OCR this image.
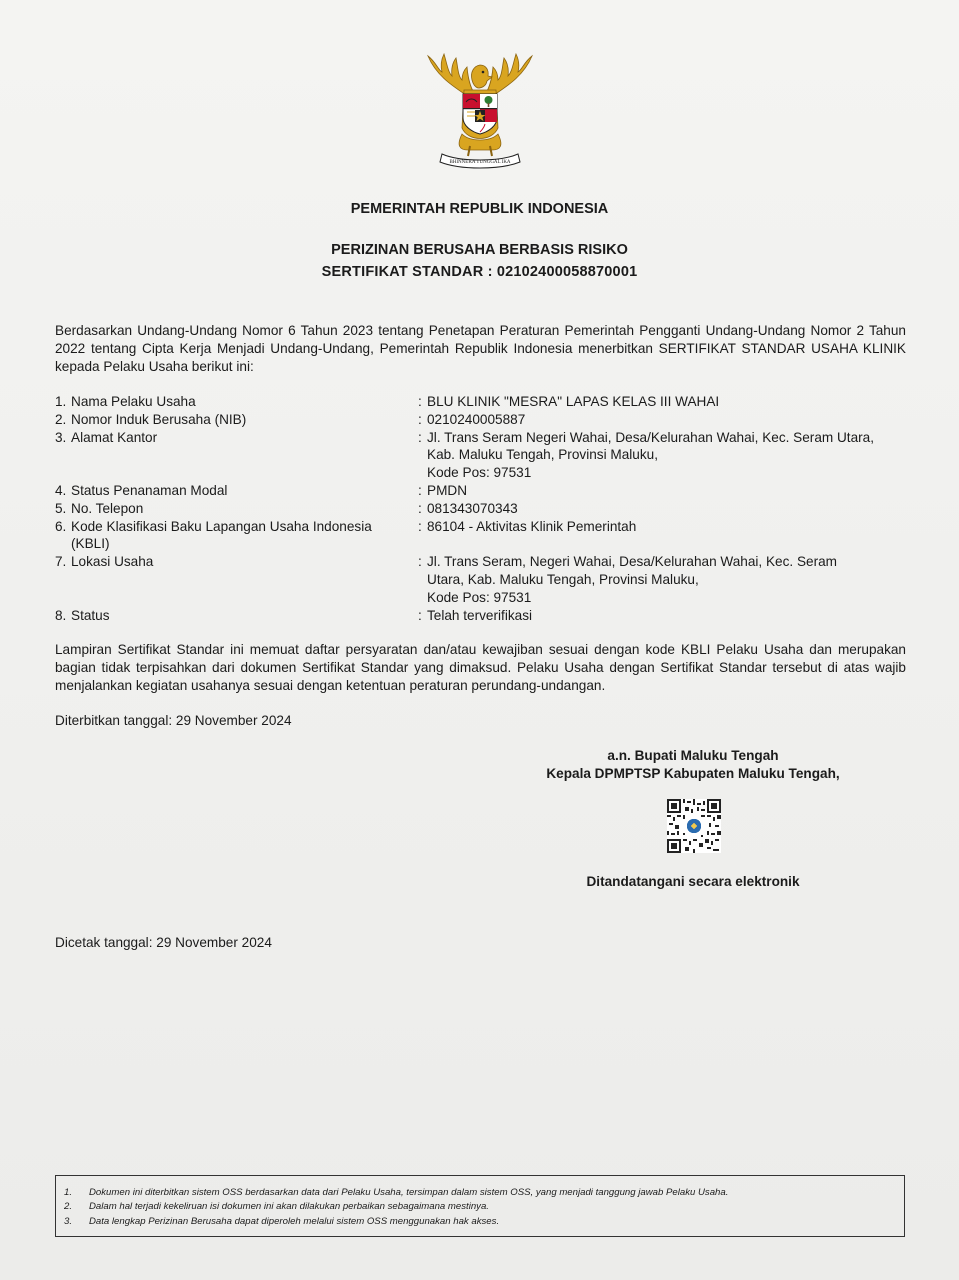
BHINNEKA TUNGGAL IKA
PEMERINTAH REPUBLIK INDONESIA
PERIZINAN BERUSAHA BERBASIS RISIKO
SERTIFIKAT STANDAR : 02102400058870001
Berdasarkan Undang-Undang Nomor 6 Tahun 2023 tentang Penetapan Peraturan Pemerintah Pengganti Undang-Undang Nomor 2 Tahun 2022 tentang Cipta Kerja Menjadi Undang-Undang, Pemerintah Republik Indonesia menerbitkan SERTIFIKAT STANDAR USAHA KLINIK kepada Pelaku Usaha berikut ini:
1. Nama Pelaku Usaha	: BLU KLINIK "MESRA" LAPAS KELAS III WAHAI
2. Nomor Induk Berusaha (NIB)	: 0210240005887
3. Alamat Kantor	: Jl. Trans Seram Negeri Wahai, Desa/Kelurahan Wahai, Kec. Seram Utara,
Kab. Maluku Tengah, Provinsi Maluku,
Kode Pos: 97531
4. Status Penanaman Modal	: PMDN
5. No. Telepon	: 081343070343
6. Kode Klasifikasi Baku Lapangan Usaha Indonesia (KBLI)
: 86104 - Aktivitas Klinik Pemerintah
7. Lokasi Usaha	: Jl. Trans Seram, Negeri Wahai, Desa/Kelurahan Wahai, Kec. Seram
Utara, Kab. Maluku Tengah, Provinsi Maluku,
Kode Pos: 97531
8. Status	: Telah terverifikasi
Lampiran Sertifikat Standar ini memuat daftar persyaratan dan/atau kewajiban sesuai dengan kode KBLI Pelaku Usaha dan merupakan bagian tidak terpisahkan dari dokumen Sertifikat Standar yang dimaksud. Pelaku Usaha dengan Sertifikat Standar tersebut di atas wajib menjalankan kegiatan usahanya sesuai dengan ketentuan peraturan perundang-undangan.
Diterbitkan tanggal: 29 November 2024
a.n. Bupati Maluku Tengah
Kepala DPMPTSP Kabupaten Maluku Tengah,
Ditandatangani secara elektronik
Dicetak tanggal: 29 November 2024
1.	Dokumen ini diterbitkan sistem OSS berdasarkan data dari Pelaku Usaha, tersimpan dalam sistem OSS, yang menjadi tanggung jawab Pelaku Usaha.
2.	Dalam hal terjadi kekeliruan isi dokumen ini akan dilakukan perbaikan sebagaimana mestinya.
3.	Data lengkap Perizinan Berusaha dapat diperoleh melalui sistem OSS menggunakan hak akses.
